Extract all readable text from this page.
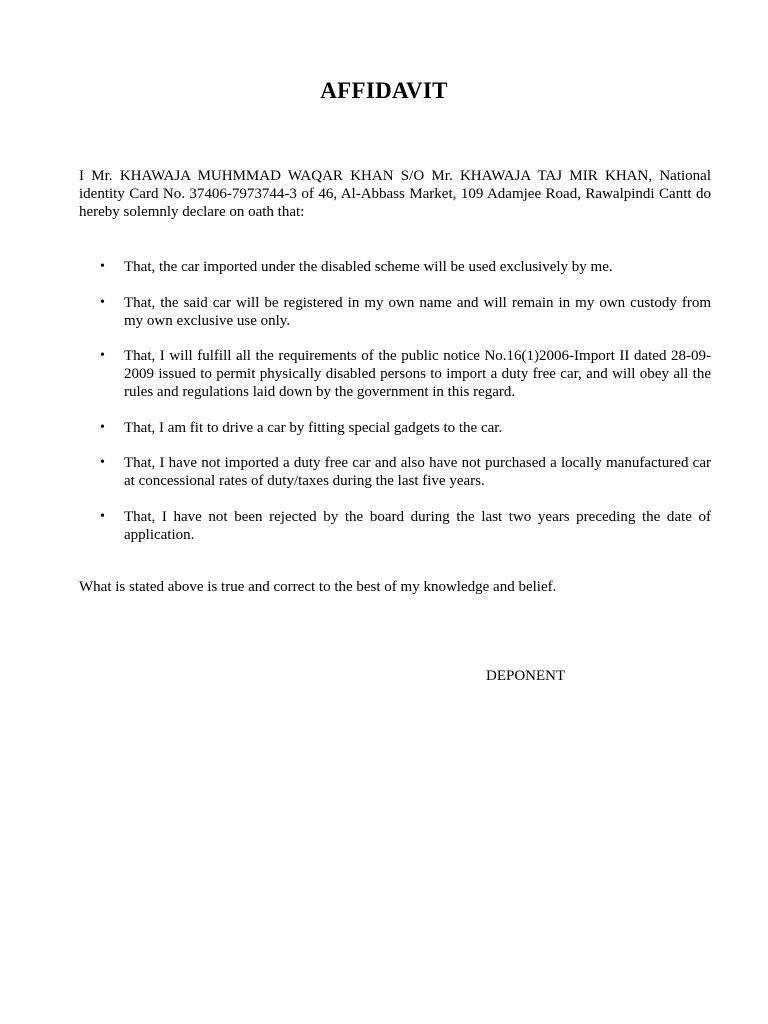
AFFIDAVIT

I Mr. KHAWAJA MUHMMAD WAQAR KHAN S/O Mr. KHAWAJA TAJ MIR KHAN, National identity Card No. 37406-7973744-3 of 46, Al-Abbass Market, 109 Adamjee Road, Rawalpindi Cantt do hereby solemnly declare on oath that:

• That, the car imported under the disabled scheme will be used exclusively by me.

• That, the said car will be registered in my own name and will remain in my own custody from my own exclusive use only.

• That, I will fulfill all the requirements of the public notice No.16(1)2006-Import II dated 28-09-2009 issued to permit physically disabled persons to import a duty free car, and will obey all the rules and regulations laid down by the government in this regard.

• That, I am fit to drive a car by fitting special gadgets to the car.

• That, I have not imported a duty free car and also have not purchased a locally manufactured car at concessional rates of duty/taxes during the last five years.

• That, I have not been rejected by the board during the last two years preceding the date of application.

What is stated above is true and correct to the best of my knowledge and belief.

DEPONENT
